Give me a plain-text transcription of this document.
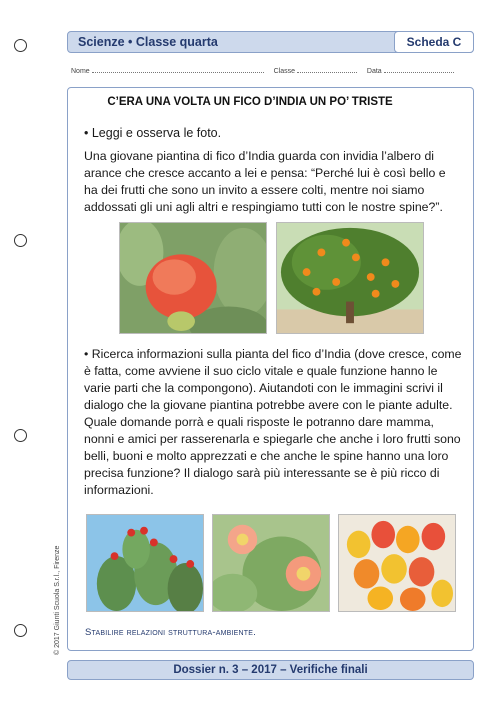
Scienze • Classe quarta	Scheda C
Nome	Classe	Data
C’ERA UNA VOLTA UN FICO D’INDIA UN PO’ TRISTE
• Leggi e osserva le foto.
Una giovane piantina di fico d’India guarda con invidia l’albero di arance che cresce accanto a lei e pensa: “Perché lui è così bello e ha dei frutti che sono un invito a essere colti, mentre noi siamo addossati gli uni agli altri e respingiamo tutti con le nostre spine?”.
• Ricerca informazioni sulla pianta del fico d’India (dove cresce, come è fatta, come avviene il suo ciclo vitale e quale funzione hanno le varie parti che la compongono). Aiutandoti con le immagini scrivi il dialogo che la giovane piantina potrebbe avere con le piante adulte. Quale domande porrà e quali risposte le potranno dare mamma, nonni e amici per rasserenarla e spiegarle che anche i loro frutti sono belli, buoni e molto apprezzati e che anche le spine hanno una loro precisa funzione? Il dialogo sarà più interessante se è più ricco di informazioni.
Stabilire relazioni struttura-ambiente.
© 2017 Giunti Scuola S.r.l., Firenze
Dossier n. 3 – 2017 – Verifiche finali
